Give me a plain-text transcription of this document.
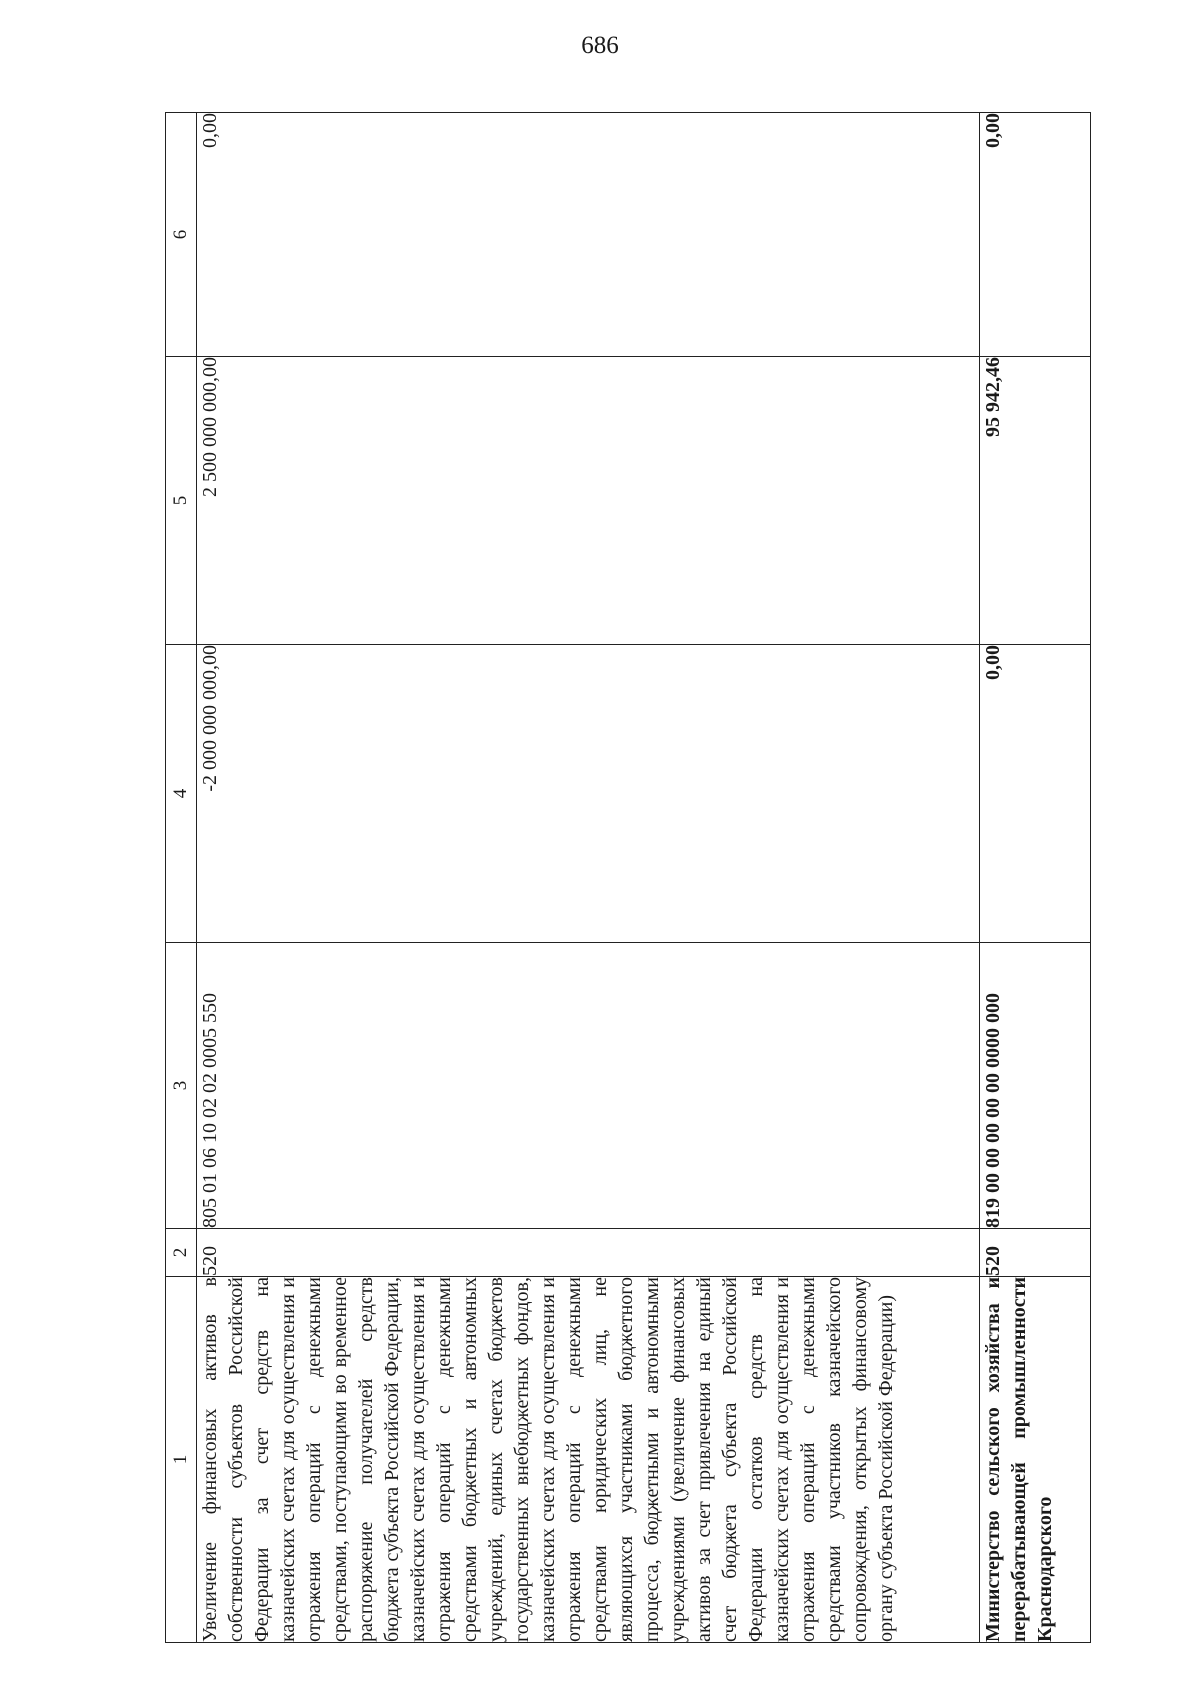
686
1	2	3	4	5	6
Увеличение финансовых активов в собственности субъектов Российской Федерации за счет средств на казначейских счетах для осуществления и отражения операций с денежными средствами, поступающими во временное распоряжение получателей средств бюджета субъекта Российской Федерации, казначейских счетах для осуществления и отражения операций с денежными средствами бюджетных и автономных учреждений, единых счетах бюджетов государственных внебюджетных фондов, казначейских счетах для осуществления и отражения операций с денежными средствами юридических лиц, не являющихся участниками бюджетного процесса, бюджетными и автономными учреждениями (увеличение финансовых активов за счет привлечения на единый счет бюджета субъекта Российской Федерации остатков средств на казначейских счетах для осуществления и отражения операций с денежными средствами участников казначейского сопровождения, открытых финансовому органу субъекта Российской Федерации)	520	805 01 06 10 02 02 0005 550	-2 000 000 000,00	2 500 000 000,00	0,00
Министерство сельского хозяйства и перерабатывающей промышленности Краснодарского	520	819 00 00 00 00 00 0000 000	0,00	95 942,46	0,00
